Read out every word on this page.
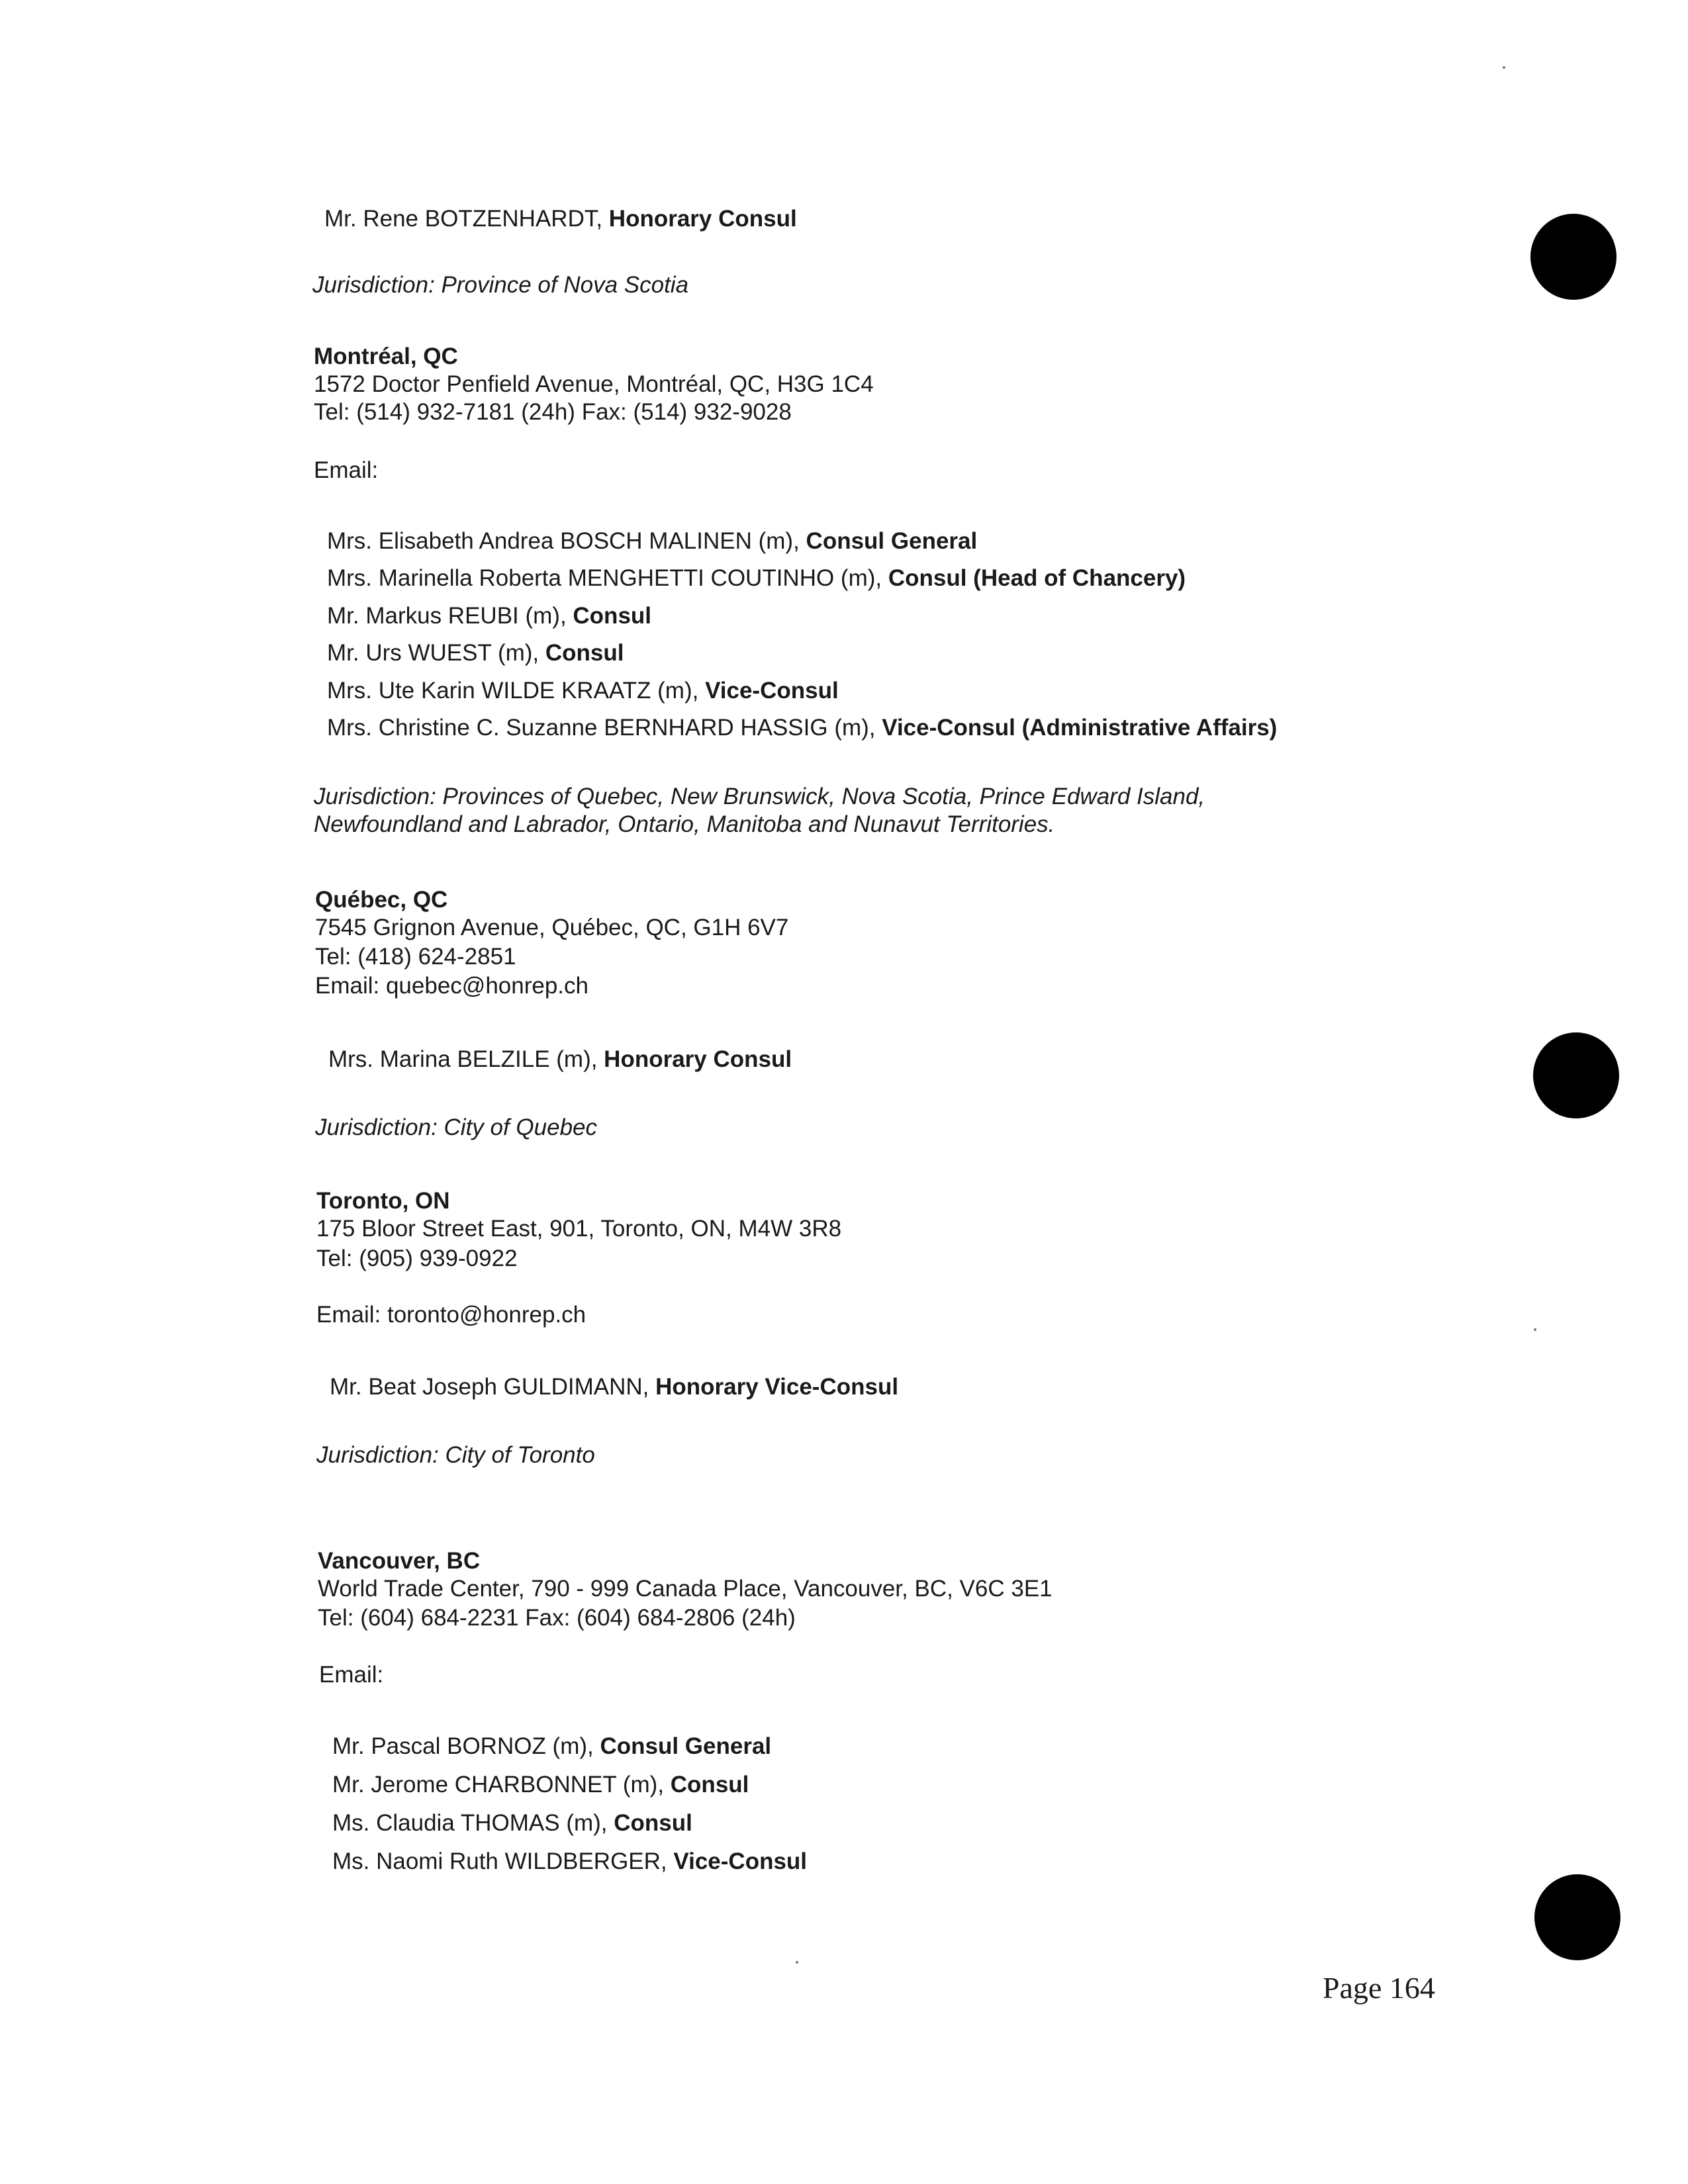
Mr. Rene BOTZENHARDT, Honorary Consul
Jurisdiction: Province of Nova Scotia
Montréal, QC
1572 Doctor Penfield Avenue, Montréal, QC, H3G 1C4
Tel: (514) 932-7181 (24h) Fax: (514) 932-9028
Email:
Mrs. Elisabeth Andrea BOSCH MALINEN (m), Consul General
Mrs. Marinella Roberta MENGHETTI COUTINHO (m), Consul (Head of Chancery)
Mr. Markus REUBI (m), Consul
Mr. Urs WUEST (m), Consul
Mrs. Ute Karin WILDE KRAATZ (m), Vice-Consul
Mrs. Christine C. Suzanne BERNHARD HASSIG (m), Vice-Consul (Administrative Affairs)
Jurisdiction: Provinces of Quebec, New Brunswick, Nova Scotia, Prince Edward Island,
Newfoundland and Labrador, Ontario, Manitoba and Nunavut Territories.
Québec, QC
7545 Grignon Avenue, Québec, QC, G1H 6V7
Tel: (418) 624-2851
Email: quebec@honrep.ch
Mrs. Marina BELZILE (m), Honorary Consul
Jurisdiction: City of Quebec
Toronto, ON
175 Bloor Street East, 901, Toronto, ON, M4W 3R8
Tel: (905) 939-0922
Email: toronto@honrep.ch
Mr. Beat Joseph GULDIMANN, Honorary Vice-Consul
Jurisdiction: City of Toronto
Vancouver, BC
World Trade Center, 790 - 999 Canada Place, Vancouver, BC, V6C 3E1
Tel: (604) 684-2231 Fax: (604) 684-2806 (24h)
Email:
Mr. Pascal BORNOZ (m), Consul General
Mr. Jerome CHARBONNET (m), Consul
Ms. Claudia THOMAS (m), Consul
Ms. Naomi Ruth WILDBERGER, Vice-Consul
Page 164
